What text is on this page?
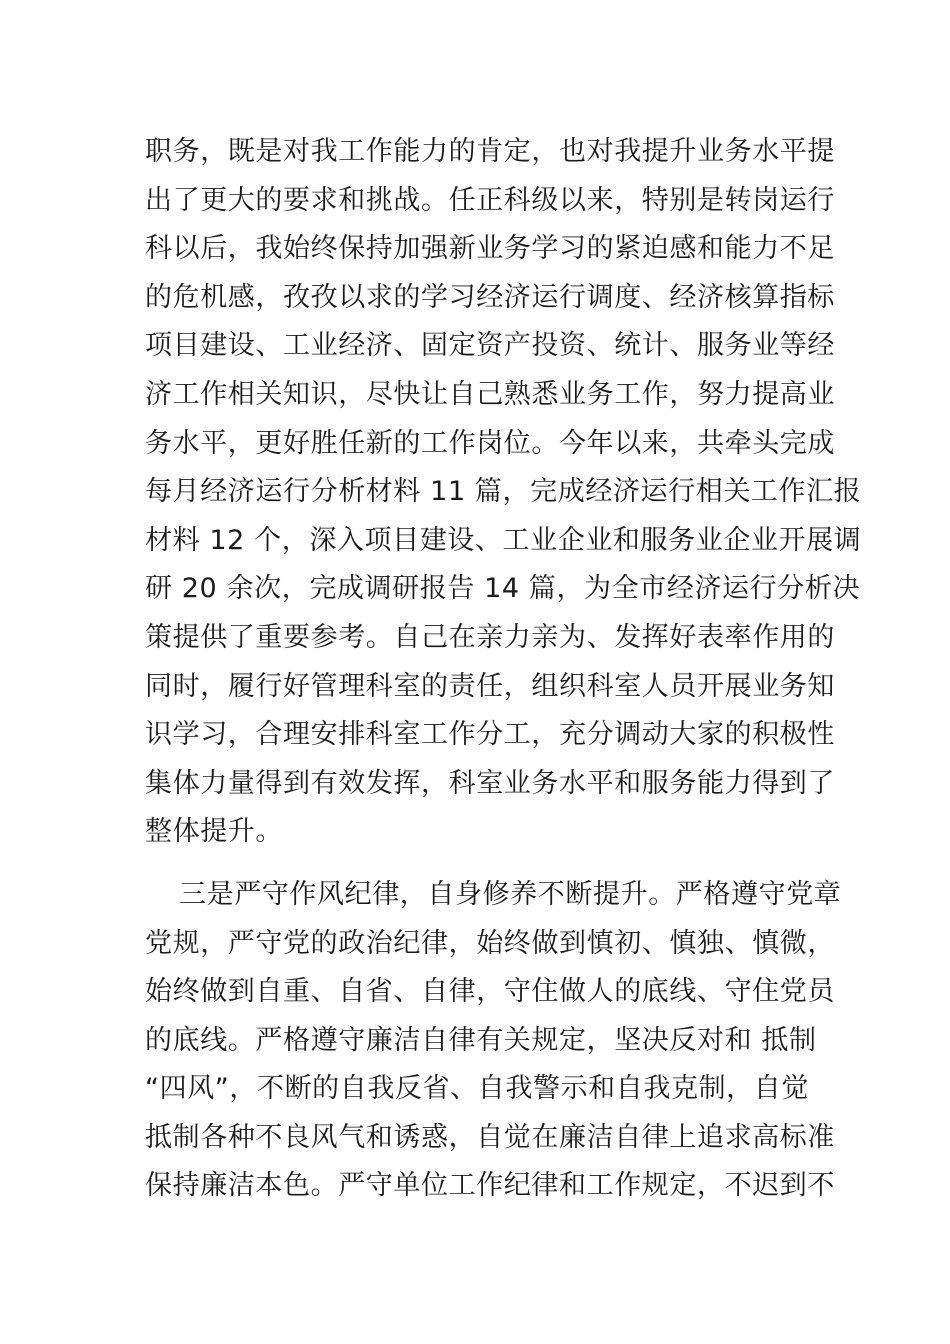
职务，既是对我工作能力的肯定，也对我提升业务水平提
出了更大的要求和挑战。任正科级以来，特别是转岗运行
科以后，我始终保持加强新业务学习的紧迫感和能力不足
的危机感，孜孜以求的学习经济运行调度、经济核算指标
项目建设、工业经济、固定资产投资、统计、服务业等经
济工作相关知识，尽快让自己熟悉业务工作，努力提高业
务水平，更好胜任新的工作岗位。今年以来，共牵头完成
每月经济运行分析材料 11 篇，完成经济运行相关工作汇报
材料 12 个，深入项目建设、工业企业和服务业企业开展调
研 20 余次，完成调研报告 14 篇，为全市经济运行分析决
策提供了重要参考。自己在亲力亲为、发挥好表率作用的
同时，履行好管理科室的责任，组织科室人员开展业务知
识学习，合理安排科室工作分工，充分调动大家的积极性
集体力量得到有效发挥，科室业务水平和服务能力得到了
整体提升。
三是严守作风纪律，自身修养不断提升。严格遵守党章
党规，严守党的政治纪律，始终做到慎初、慎独、慎微，
始终做到自重、自省、自律，守住做人的底线、守住党员
的底线。严格遵守廉洁自律有关规定，坚决反对和 抵制
“四风”，不断的自我反省、自我警示和自我克制，自觉
抵制各种不良风气和诱惑，自觉在廉洁自律上追求高标准
保持廉洁本色。严守单位工作纪律和工作规定，不迟到不
